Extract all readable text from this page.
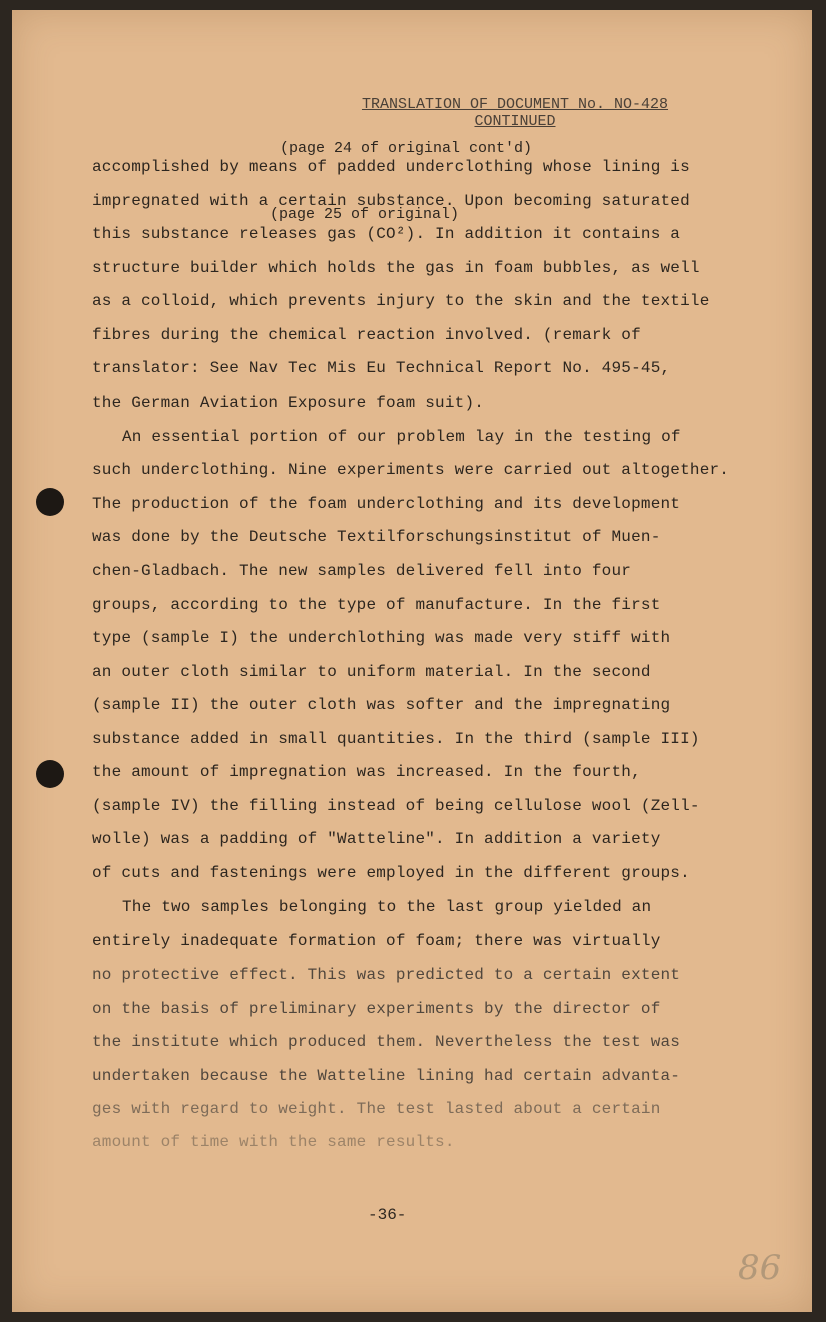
TRANSLATION OF DOCUMENT No. NO-428
CONTINUED
(page 24 of original cont'd)
(page 25 of original)
accomplished by means of padded underclothing whose lining is
impregnated with a certain substance. Upon becoming saturated
this substance releases gas (CO²). In addition it contains a
structure builder which holds the gas in foam bubbles, as well
as a colloid, which prevents injury to the skin and the textile
fibres during the chemical reaction involved. (remark of
translator: See Nav Tec Mis Eu Technical Report No. 495-45,
the German Aviation Exposure foam suit).
An essential portion of our problem lay in the testing of
such underclothing. Nine experiments were carried out altogether.
The production of the foam underclothing and its development
was done by the Deutsche Textilforschungsinstitut of Muen-
chen-Gladbach. The new samples delivered fell into four
groups, according to the type of manufacture. In the first
type (sample I) the underchlothing was made very stiff with
an outer cloth similar to uniform material. In the second
(sample II) the outer cloth was softer and the impregnating
substance added in small quantities. In the third (sample III)
the amount of impregnation was increased. In the fourth,
(sample IV) the filling instead of being cellulose wool (Zell-
wolle) was a padding of "Watteline". In addition a variety
of cuts and fastenings were employed in the different groups.
The two samples belonging to the last group yielded an
entirely inadequate formation of foam; there was virtually
no protective effect. This was predicted to a certain extent
on the basis of preliminary experiments by the director of
the institute which produced them. Nevertheless the test was
undertaken because the Watteline lining had certain advanta-
ges with regard to weight. The test lasted about a certain
amount of time with the same results.
-36-
86
